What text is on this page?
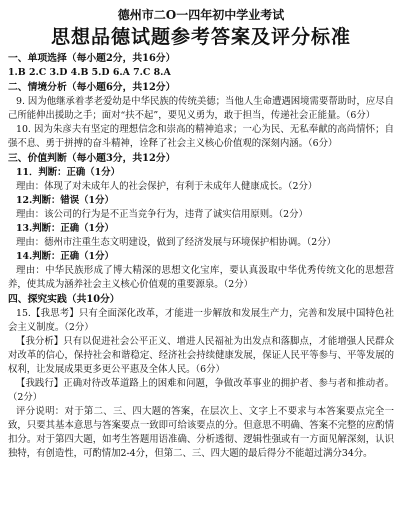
德州市二O一四年初中学业考试
思想品德试题参考答案及评分标准
一、单项选择（每小题2分，共16分）
1.B 2.C 3.D 4.B 5.D 6.A 7.C 8.A
二、情境分析（每小题6分，共12分）
9. 因为他继承着孝老爱幼是中华民族的传统美德；当他人生命遭遇困境需要帮助时，应尽自己所能伸出援助之手；面对“扶不起”，要见义勇为，敢于担当，传递社会正能量。（6分）
10. 因为朱彦夫有坚定的理想信念和崇高的精神追求；一心为民、无私奉献的高尚情怀；自强不息、勇于拼搏的奋斗精神，诠释了社会主义核心价值观的深刻内涵。（6分）
三、价值判断（每小题3分，共12分）
11．判断：正确（1分）
理由：体现了对未成年人的社会保护，有利于未成年人健康成长。（2分）
12.判断：错误（1分）
理由：该公司的行为是不正当竞争行为，违背了诚实信用原则。（2分）
13.判断：正确（1分）
理由：德州市注重生态文明建设，做到了经济发展与环境保护相协调。（2分）
14.判断：正确（1分）
理由：中华民族形成了博大精深的思想文化宝库，要认真汲取中华优秀传统文化的思想营养，使其成为涵养社会主义核心价值观的重要源泉。（2分）
四、探究实践（共10分）
15.【我思考】只有全面深化改革，才能进一步解放和发展生产力，完善和发展中国特色社会主义制度。（2分）
【我分析】只有以促进社会公平正义、增进人民福祉为出发点和落脚点，才能增强人民群众对改革的信心，保持社会和谐稳定、经济社会持续健康发展，保证人民平等参与、平等发展的权利，让发展成果更多更公平惠及全体人民。（6分）
【我践行】正确对待改革道路上的困难和问题，争做改革事业的拥护者、参与者和推动者。（2分）
评分说明：对于第二、三、四大题的答案，在层次上、文字上不要求与本答案要点完全一致，只要其基本意思与答案要点一致即可给该要点的分。但意思不明确、答案不完整的应酌情扣分。对于第四大题，如考生答题用语准确、分析透彻、逻辑性强或有一方面见解深刻，认识独特，有创造性，可酌情加2-4分，但第二、三、四大题的最后得分不能超过满分34分。
